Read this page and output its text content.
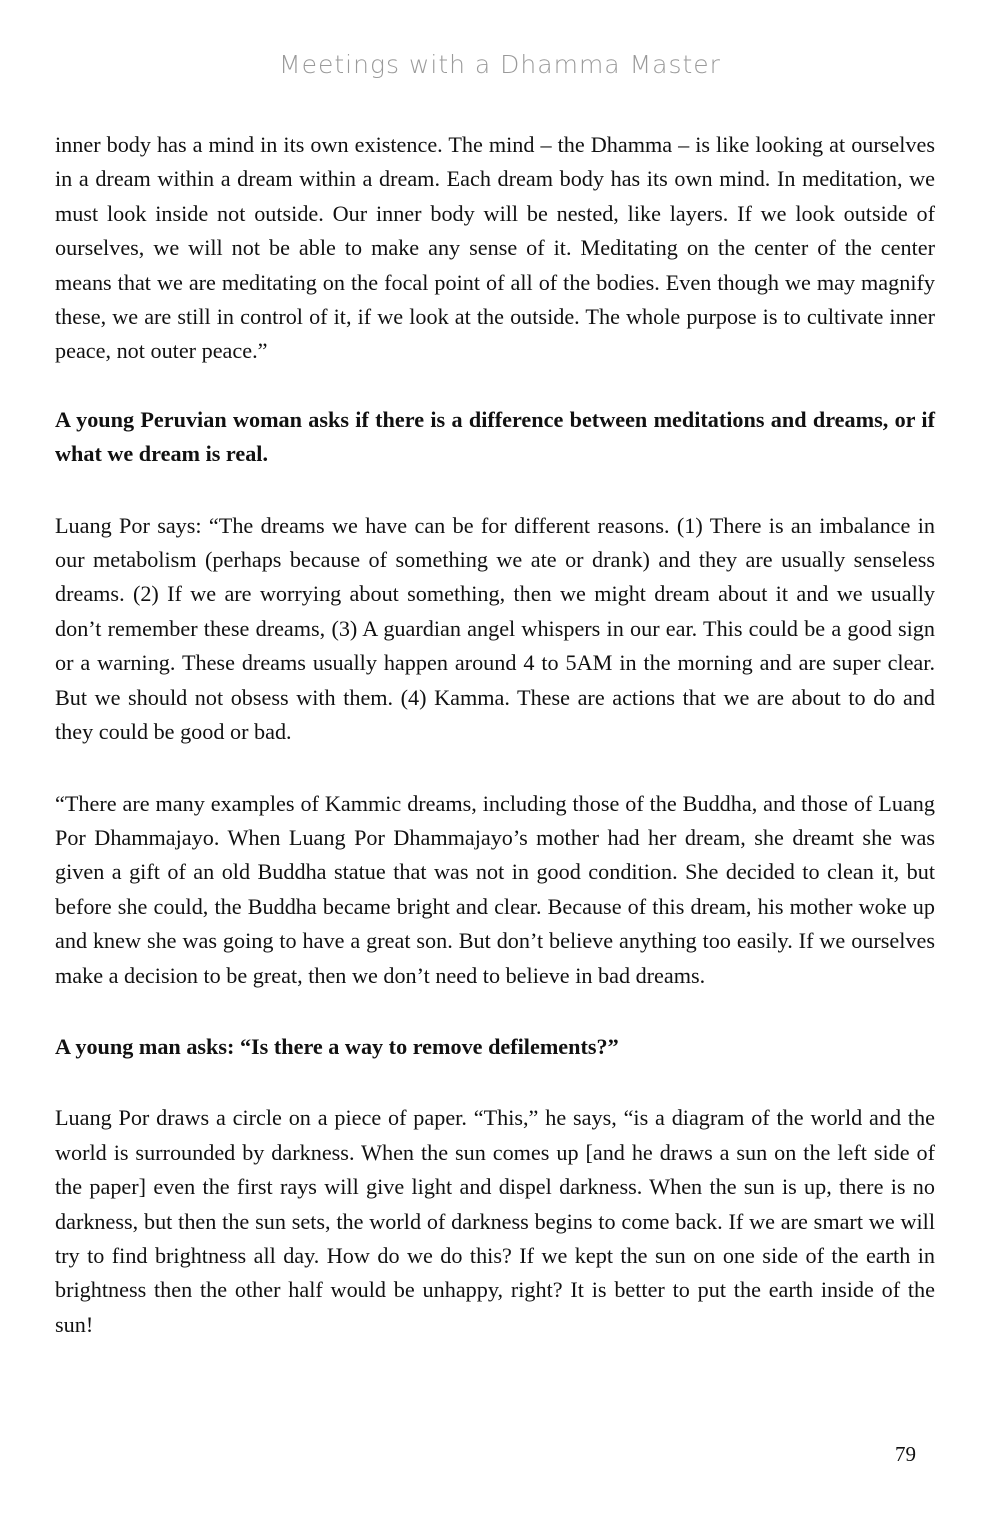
Meetings with a Dhamma Master

inner body has a mind in its own existence. The mind – the Dhamma – is like looking at ourselves in a dream within a dream within a dream. Each dream body has its own mind. In meditation, we must look inside not outside. Our inner body will be nested, like layers. If we look outside of ourselves, we will not be able to make any sense of it. Meditating on the center of the center means that we are meditating on the focal point of all of the bodies. Even though we may magnify these, we are still in control of it, if we look at the outside. The whole purpose is to cultivate inner peace, not outer peace.”

A young Peruvian woman asks if there is a difference between meditations and dreams, or if what we dream is real.

Luang Por says: “The dreams we have can be for different reasons. (1) There is an imbalance in our metabolism (perhaps because of something we ate or drank) and they are usually senseless dreams. (2) If we are worrying about something, then we might dream about it and we usually don’t remember these dreams, (3) A guardian angel whispers in our ear. This could be a good sign or a warning. These dreams usually happen around 4 to 5AM in the morning and are super clear. But we should not obsess with them. (4) Kamma. These are actions that we are about to do and they could be good or bad.

“There are many examples of Kammic dreams, including those of the Buddha, and those of Luang Por Dhammajayo. When Luang Por Dhammajayo’s mother had her dream, she dreamt she was given a gift of an old Buddha statue that was not in good condition. She decided to clean it, but before she could, the Buddha became bright and clear. Because of this dream, his mother woke up and knew she was going to have a great son. But don’t believe anything too easily. If we ourselves make a decision to be great, then we don’t need to believe in bad dreams.

A young man asks: “Is there a way to remove defilements?”

Luang Por draws a circle on a piece of paper. “This,” he says, “is a diagram of the world and the world is surrounded by darkness. When the sun comes up [and he draws a sun on the left side of the paper] even the first rays will give light and dispel darkness. When the sun is up, there is no darkness, but then the sun sets, the world of darkness begins to come back. If we are smart we will try to find brightness all day. How do we do this? If we kept the sun on one side of the earth in brightness then the other half would be unhappy, right? It is better to put the earth inside of the sun!

79
